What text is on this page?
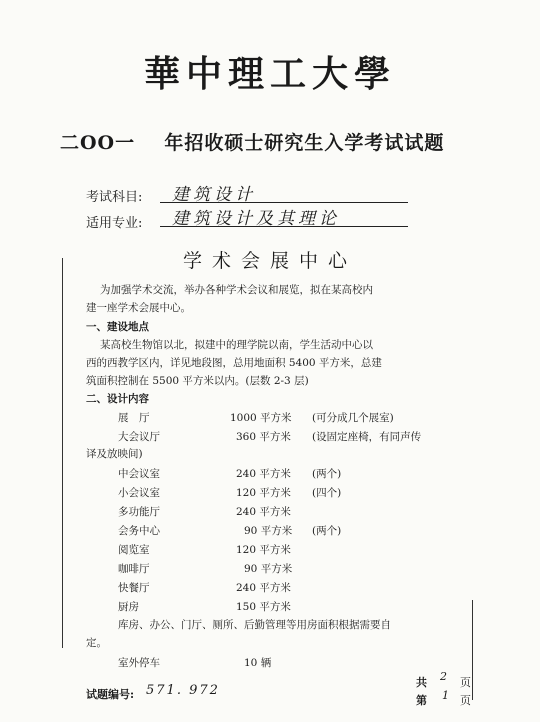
華中理工大學
二OO一 年招收硕士研究生入学考试试题
考试科目: 建筑设计
适用专业: 建筑设计及其理论
学术会展中心
为加强学术交流，举办各种学术会议和展览，拟在某高校内
建一座学术会展中心。
一、建设地点
某高校生物馆以北，拟建中的理学院以南，学生活动中心以
西的西教学区内，详见地段图，总用地面积 5400 平方米，总建
筑面积控制在 5500 平方米以内。(层数 2-3 层)
二、设计内容
展　厅	1000 平方米 (可分成几个展室)
大会议厅	360 平方米 (设固定座椅，有同声传
译及放映间)
中会议室	240 平方米 (两个)
小会议室	120 平方米 (四个)
多功能厅	240 平方米
会务中心	90 平方米 (两个)
阅览室	120 平方米
咖啡厅	90 平方米
快餐厅	240 平方米
厨房	150 平方米
库房、办公、门厅、厕所、后勤管理等用房面积根据需要自
定。
室外停车	10 辆
试题编号: 571. 972
共 2 页
第 1 页
